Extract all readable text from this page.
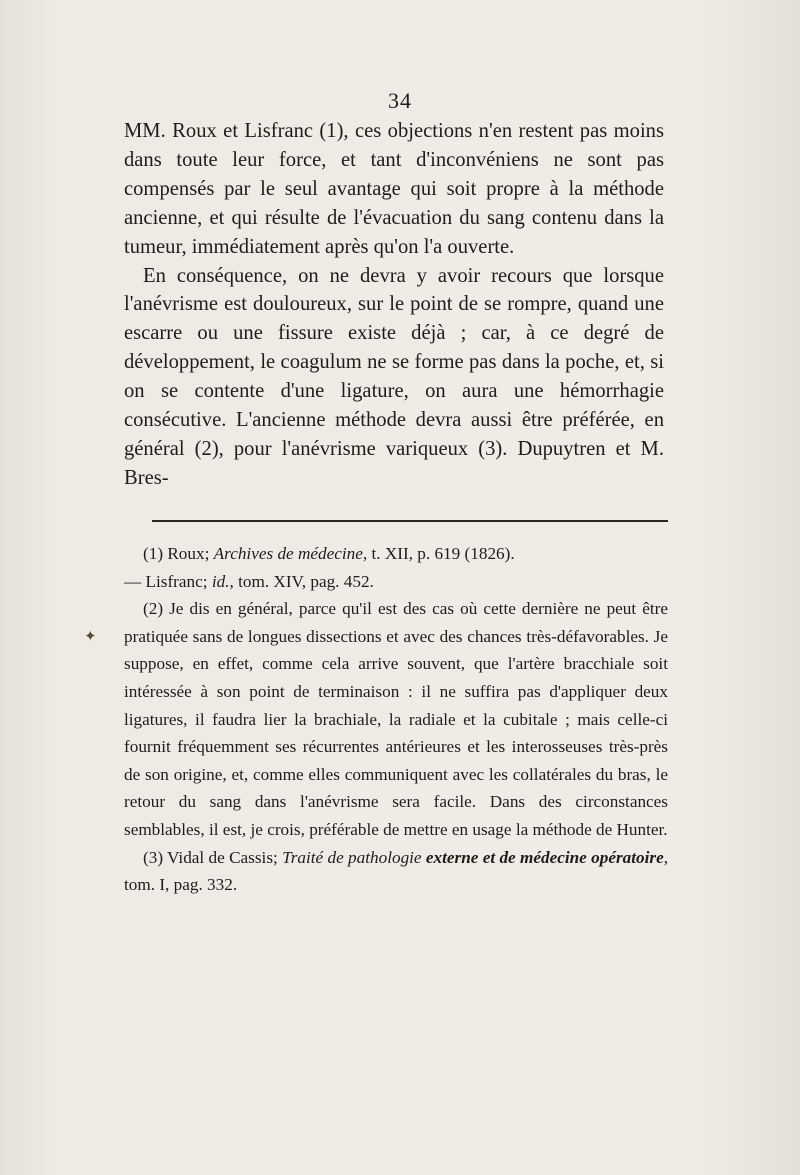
34

MM. Roux et Lisfranc (1), ces objections n'en restent pas moins dans toute leur force, et tant d'inconvéniens ne sont pas compensés par le seul avantage qui soit propre à la méthode ancienne, et qui résulte de l'évacuation du sang contenu dans la tumeur, immédiatement après qu'on l'a ouverte.

En conséquence, on ne devra y avoir recours que lorsque l'anévrisme est douloureux, sur le point de se rompre, quand une escarre ou une fissure existe déjà ; car, à ce degré de développement, le coagulum ne se forme pas dans la poche, et, si on se contente d'une ligature, on aura une hémorrhagie consécutive. L'ancienne méthode devra aussi être préférée, en général (2), pour l'anévrisme variqueux (3). Dupuytren et M. Bres-

✦

(1) Roux; Archives de médecine, t. XII, p. 619 (1826).

— Lisfranc; id., tom. XIV, pag. 452.

(2) Je dis en général, parce qu'il est des cas où cette dernière ne peut être pratiquée sans de longues dissections et avec des chances très-défavorables. Je suppose, en effet, comme cela arrive souvent, que l'artère bracchiale soit intéressée à son point de terminaison : il ne suffira pas d'appliquer deux ligatures, il faudra lier la brachiale, la radiale et la cubitale ; mais celle-ci fournit fréquemment ses récurrentes antérieures et les interosseuses très-près de son origine, et, comme elles communiquent avec les collatérales du bras, le retour du sang dans l'anévrisme sera facile. Dans des circonstances semblables, il est, je crois, préférable de mettre en usage la méthode de Hunter.

(3) Vidal de Cassis; Traité de pathologie externe et de médecine opératoire, tom. I, pag. 332.
